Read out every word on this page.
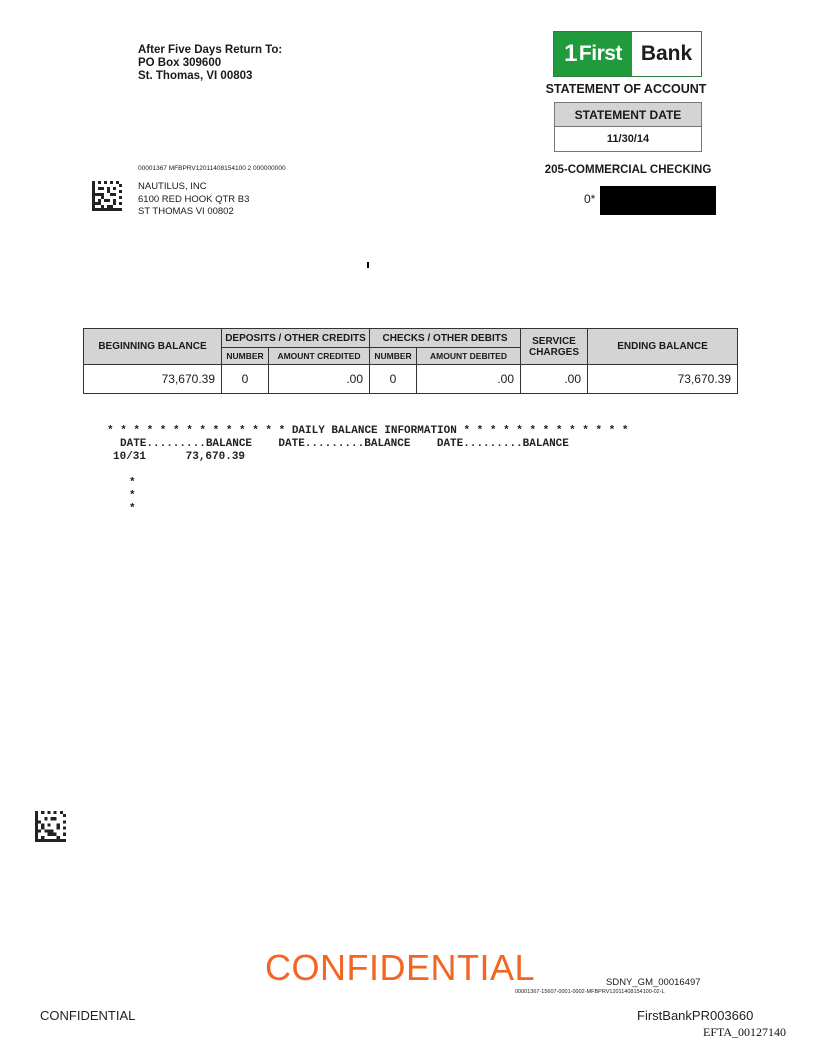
After Five Days Return To:
PO Box 309600
St. Thomas, VI 00803
1 First Bank
STATEMENT OF ACCOUNT
STATEMENT DATE
11/30/14
205-COMMERCIAL CHECKING
0*
00001367 MFBPRV12011408154100 2 000000000
NAUTILUS, INC
6100 RED HOOK QTR B3
ST THOMAS VI 00802
BEGINNING BALANCE	DEPOSITS / OTHER CREDITS		CHECKS / OTHER DEBITS		SERVICE CHARGES	ENDING BALANCE
	NUMBER	AMOUNT CREDITED	NUMBER	AMOUNT DEBITED		
73,670.39	0	.00	0	.00	.00	73,670.39
* * * * * * * * * * * * * * DAILY BALANCE INFORMATION * * * * * * * * * * * * *
DATE.........BALANCE    DATE.........BALANCE    DATE.........BALANCE
10/31	73,670.39
*
*
*
CONFIDENTIAL	SDNY_GM_00016497
00001367-15607-0001-0002-MFBPRV12011408154100-02-L
CONFIDENTIAL	FirstBankPR003660
EFTA_00127140
